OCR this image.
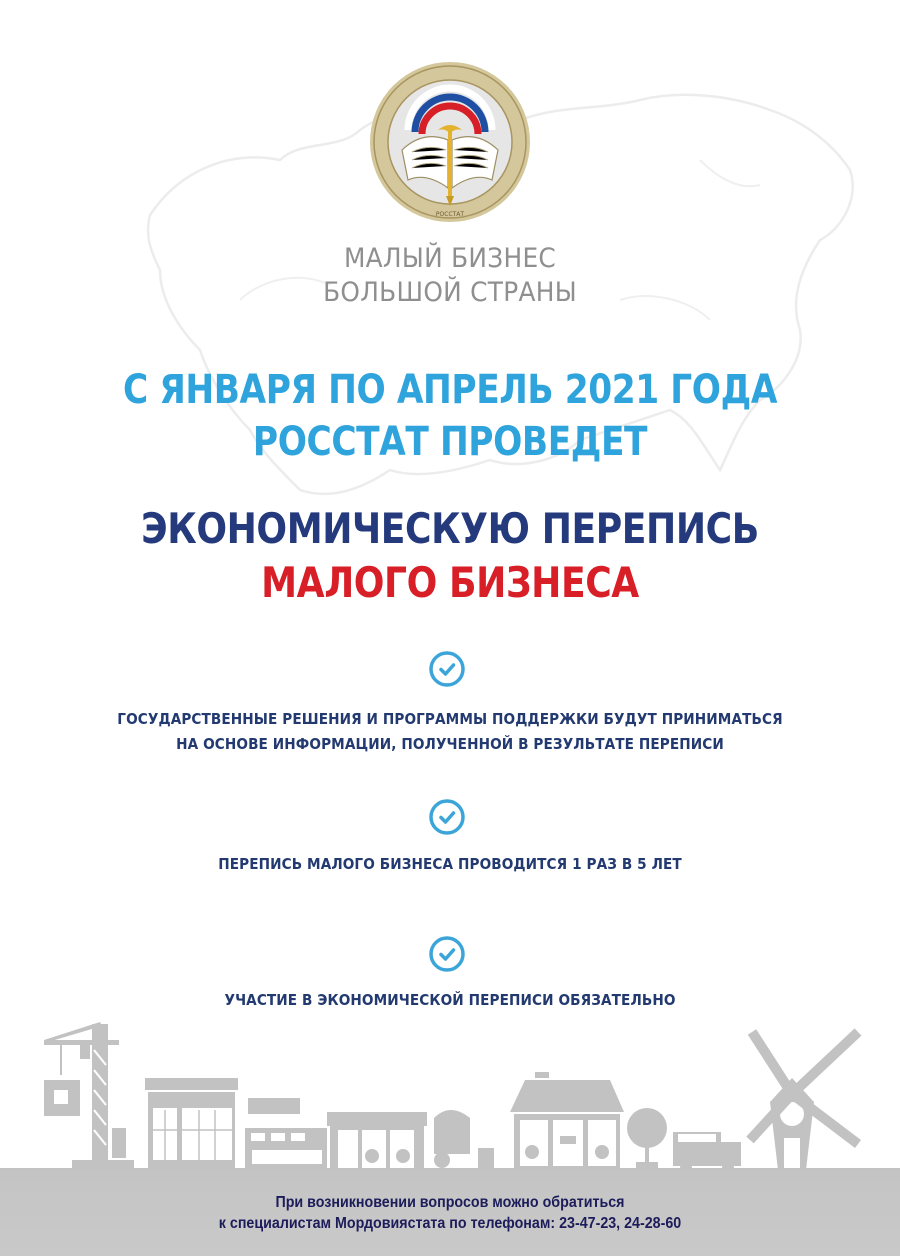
РОССТАТ
МАЛЫЙ БИЗНЕС
БОЛЬШОЙ СТРАНЫ
С ЯНВАРЯ ПО АПРЕЛЬ 2021 ГОДА
РОССТАТ ПРОВЕДЕТ
ЭКОНОМИЧЕСКУЮ ПЕРЕПИСЬ
МАЛОГО БИЗНЕСА
ГОСУДАРСТВЕННЫЕ РЕШЕНИЯ И ПРОГРАММЫ ПОДДЕРЖКИ БУДУТ ПРИНИМАТЬСЯ
НА ОСНОВЕ ИНФОРМАЦИИ, ПОЛУЧЕННОЙ В РЕЗУЛЬТАТЕ ПЕРЕПИСИ
ПЕРЕПИСЬ МАЛОГО БИЗНЕСА ПРОВОДИТСЯ 1 РАЗ В 5 ЛЕТ
УЧАСТИЕ В ЭКОНОМИЧЕСКОЙ ПЕРЕПИСИ ОБЯЗАТЕЛЬНО
При возникновении вопросов можно обратиться
к специалистам Мордовиястата по телефонам: 23-47-23, 24-28-60
